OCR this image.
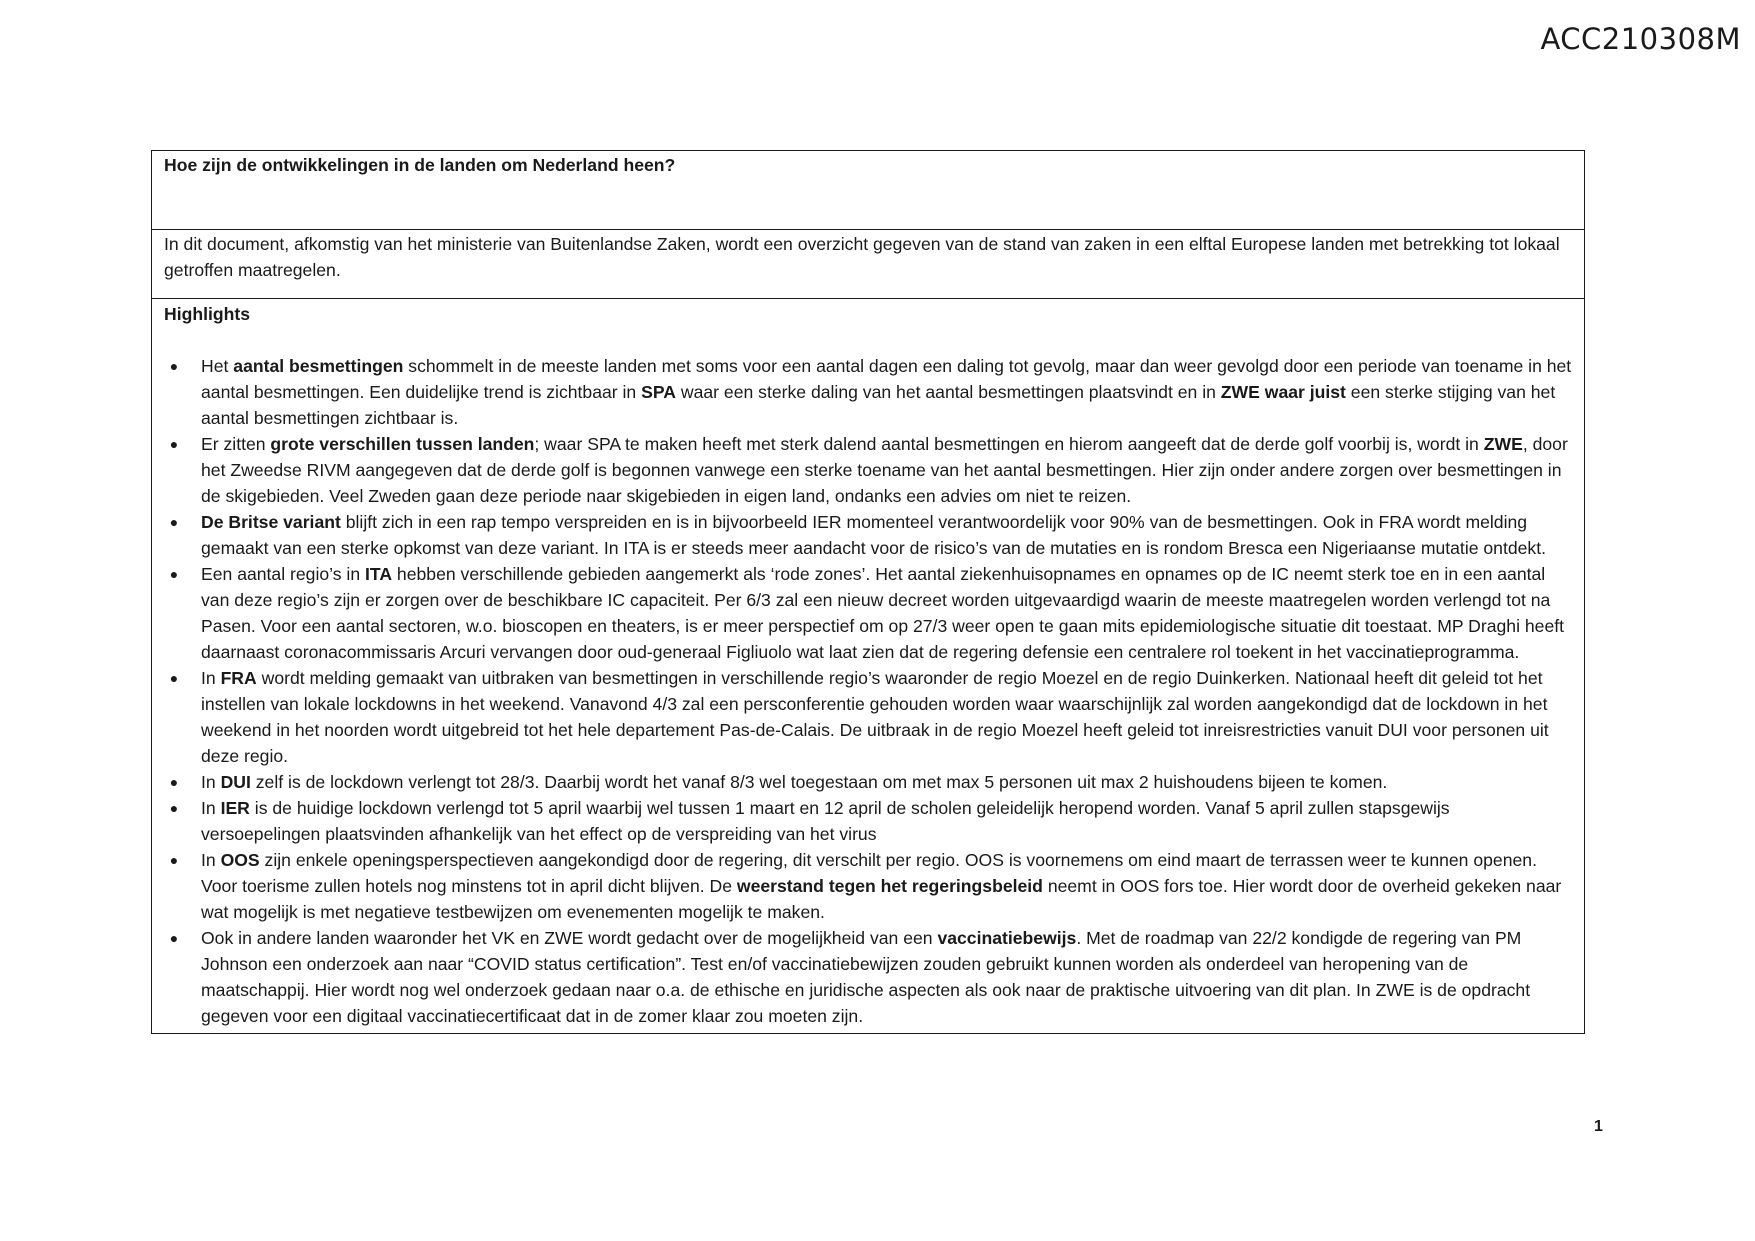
ACC210308M
Hoe zijn de ontwikkelingen in de landen om Nederland heen?
In dit document, afkomstig van het ministerie van Buitenlandse Zaken, wordt een overzicht gegeven van de stand van zaken in een elftal Europese landen met betrekking tot lokaal getroffen maatregelen.
Highlights
●	Het aantal besmettingen schommelt in de meeste landen met soms voor een aantal dagen een daling tot gevolg, maar dan weer gevolgd door een periode van toename in het aantal besmettingen. Een duidelijke trend is zichtbaar in SPA waar een sterke daling van het aantal besmettingen plaatsvindt en in ZWE waar juist een sterke stijging van het aantal besmettingen zichtbaar is.
●	Er zitten grote verschillen tussen landen; waar SPA te maken heeft met sterk dalend aantal besmettingen en hierom aangeeft dat de derde golf voorbij is, wordt in ZWE, door het Zweedse RIVM aangegeven dat de derde golf is begonnen vanwege een sterke toename van het aantal besmettingen. Hier zijn onder andere zorgen over besmettingen in de skigebieden. Veel Zweden gaan deze periode naar skigebieden in eigen land, ondanks een advies om niet te reizen.
●	De Britse variant blijft zich in een rap tempo verspreiden en is in bijvoorbeeld IER momenteel verantwoordelijk voor 90% van de besmettingen. Ook in FRA wordt melding gemaakt van een sterke opkomst van deze variant. In ITA is er steeds meer aandacht voor de risico’s van de mutaties en is rondom Bresca een Nigeriaanse mutatie ontdekt.
●	Een aantal regio’s in ITA hebben verschillende gebieden aangemerkt als ‘rode zones’. Het aantal ziekenhuisopnames en opnames op de IC neemt sterk toe en in een aantal van deze regio’s zijn er zorgen over de beschikbare IC capaciteit. Per 6/3 zal een nieuw decreet worden uitgevaardigd waarin de meeste maatregelen worden verlengd tot na Pasen. Voor een aantal sectoren, w.o. bioscopen en theaters, is er meer perspectief om op 27/3 weer open te gaan mits epidemiologische situatie dit toestaat. MP Draghi heeft daarnaast coronacommissaris Arcuri vervangen door oud-generaal Figliuolo wat laat zien dat de regering defensie een centralere rol toekent in het vaccinatieprogramma.
●	In FRA wordt melding gemaakt van uitbraken van besmettingen in verschillende regio’s waaronder de regio Moezel en de regio Duinkerken. Nationaal heeft dit geleid tot het instellen van lokale lockdowns in het weekend. Vanavond 4/3 zal een persconferentie gehouden worden waar waarschijnlijk zal worden aangekondigd dat de lockdown in het weekend in het noorden wordt uitgebreid tot het hele departement Pas-de-Calais. De uitbraak in de regio Moezel heeft geleid tot inreisrestricties vanuit DUI voor personen uit deze regio.
●	In DUI zelf is de lockdown verlengt tot 28/3. Daarbij wordt het vanaf 8/3 wel toegestaan om met max 5 personen uit max 2 huishoudens bijeen te komen.
●	In IER is de huidige lockdown verlengd tot 5 april waarbij wel tussen 1 maart en 12 april de scholen geleidelijk heropend worden. Vanaf 5 april zullen stapsgewijs versoepelingen plaatsvinden afhankelijk van het effect op de verspreiding van het virus
●	In OOS zijn enkele openingsperspectieven aangekondigd door de regering, dit verschilt per regio. OOS is voornemens om eind maart de terrassen weer te kunnen openen. Voor toerisme zullen hotels nog minstens tot in april dicht blijven. De weerstand tegen het regeringsbeleid neemt in OOS fors toe. Hier wordt door de overheid gekeken naar wat mogelijk is met negatieve testbewijzen om evenementen mogelijk te maken.
●	Ook in andere landen waaronder het VK en ZWE wordt gedacht over de mogelijkheid van een vaccinatiebewijs. Met de roadmap van 22/2 kondigde de regering van PM Johnson een onderzoek aan naar “COVID status certification”. Test en/of vaccinatiebewijzen zouden gebruikt kunnen worden als onderdeel van heropening van de maatschappij. Hier wordt nog wel onderzoek gedaan naar o.a. de ethische en juridische aspecten als ook naar de praktische uitvoering van dit plan. In ZWE is de opdracht gegeven voor een digitaal vaccinatiecertificaat dat in de zomer klaar zou moeten zijn.
1
